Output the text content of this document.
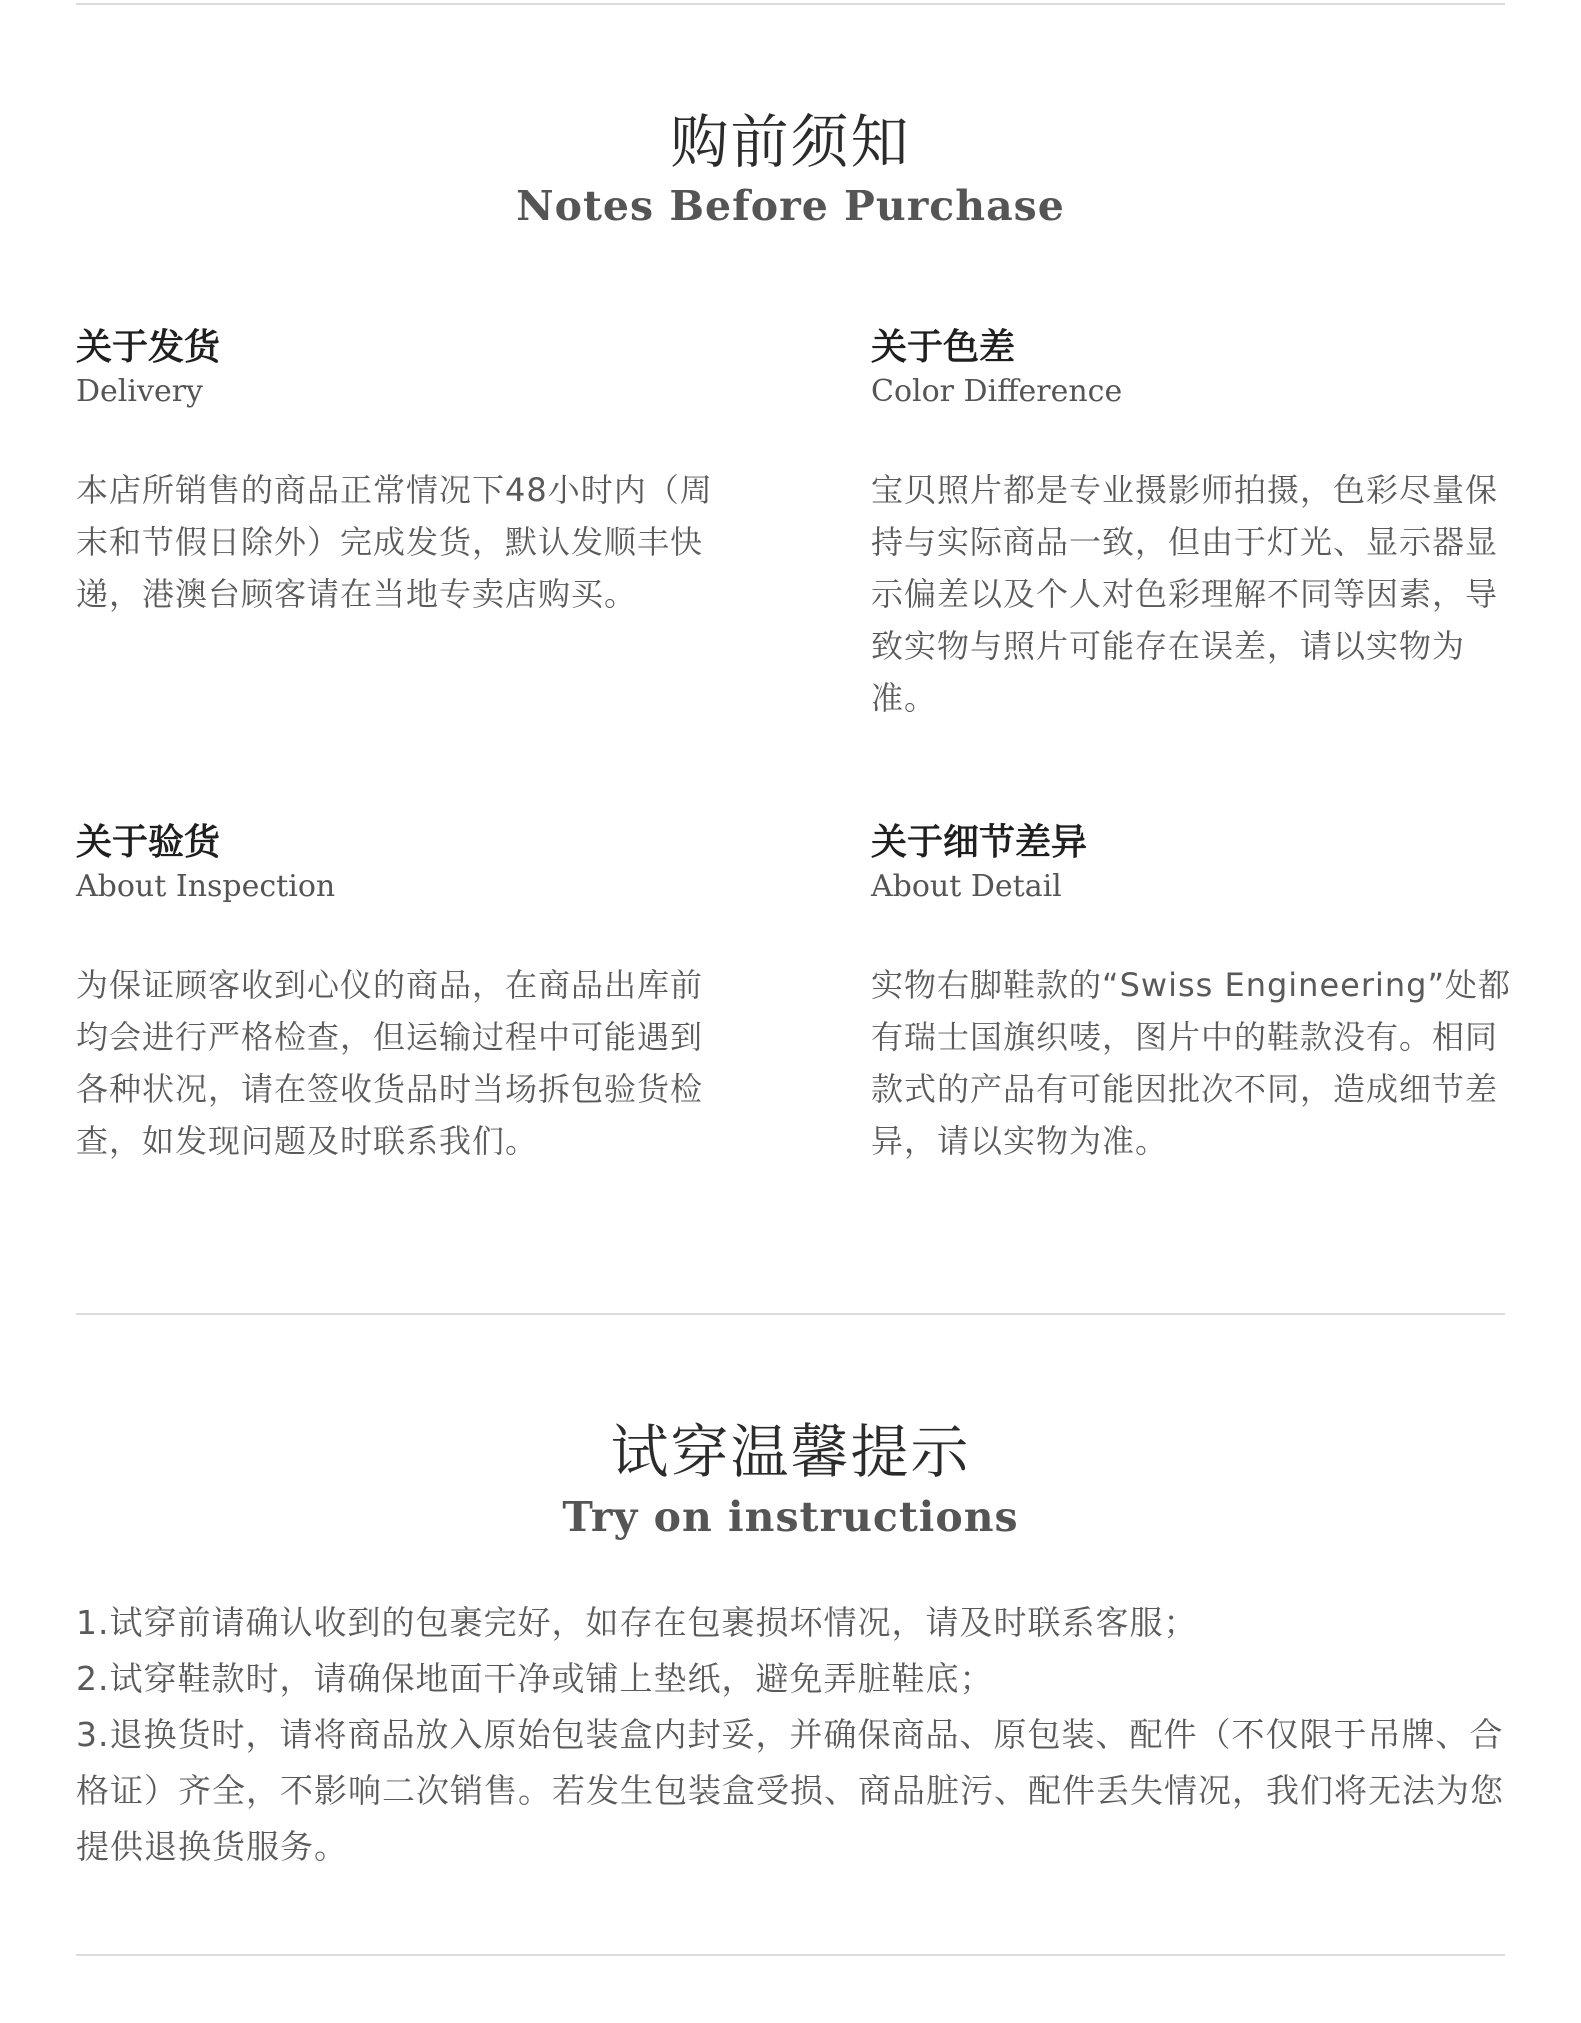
购前须知
Notes Before Purchase
关于发货
Delivery

本店所销售的商品正常情况下48小时内（周末和节假日除外）完成发货，默认发顺丰快递，港澳台顾客请在当地专卖店购买。

关于色差
Color Difference

宝贝照片都是专业摄影师拍摄，色彩尽量保持与实际商品一致，但由于灯光、显示器显示偏差以及个人对色彩理解不同等因素，导致实物与照片可能存在误差，请以实物为准。

关于验货
About Inspection

为保证顾客收到心仪的商品，在商品出库前均会进行严格检查，但运输过程中可能遇到各种状况，请在签收货品时当场拆包验货检查，如发现问题及时联系我们。

关于细节差异
About Detail

实物右脚鞋款的“Swiss Engineering”处都有瑞士国旗织唛，图片中的鞋款没有。相同款式的产品有可能因批次不同，造成细节差异，请以实物为准。

试穿温馨提示
Try on instructions

1.试穿前请确认收到的包裹完好，如存在包裹损坏情况，请及时联系客服；

2.试穿鞋款时，请确保地面干净或铺上垫纸，避免弄脏鞋底；

3.退换货时，请将商品放入原始包装盒内封妥，并确保商品、原包装、配件（不仅限于吊牌、合格证）齐全，不影响二次销售。若发生包装盒受损、商品脏污、配件丢失情况，我们将无法为您提供退换货服务。
